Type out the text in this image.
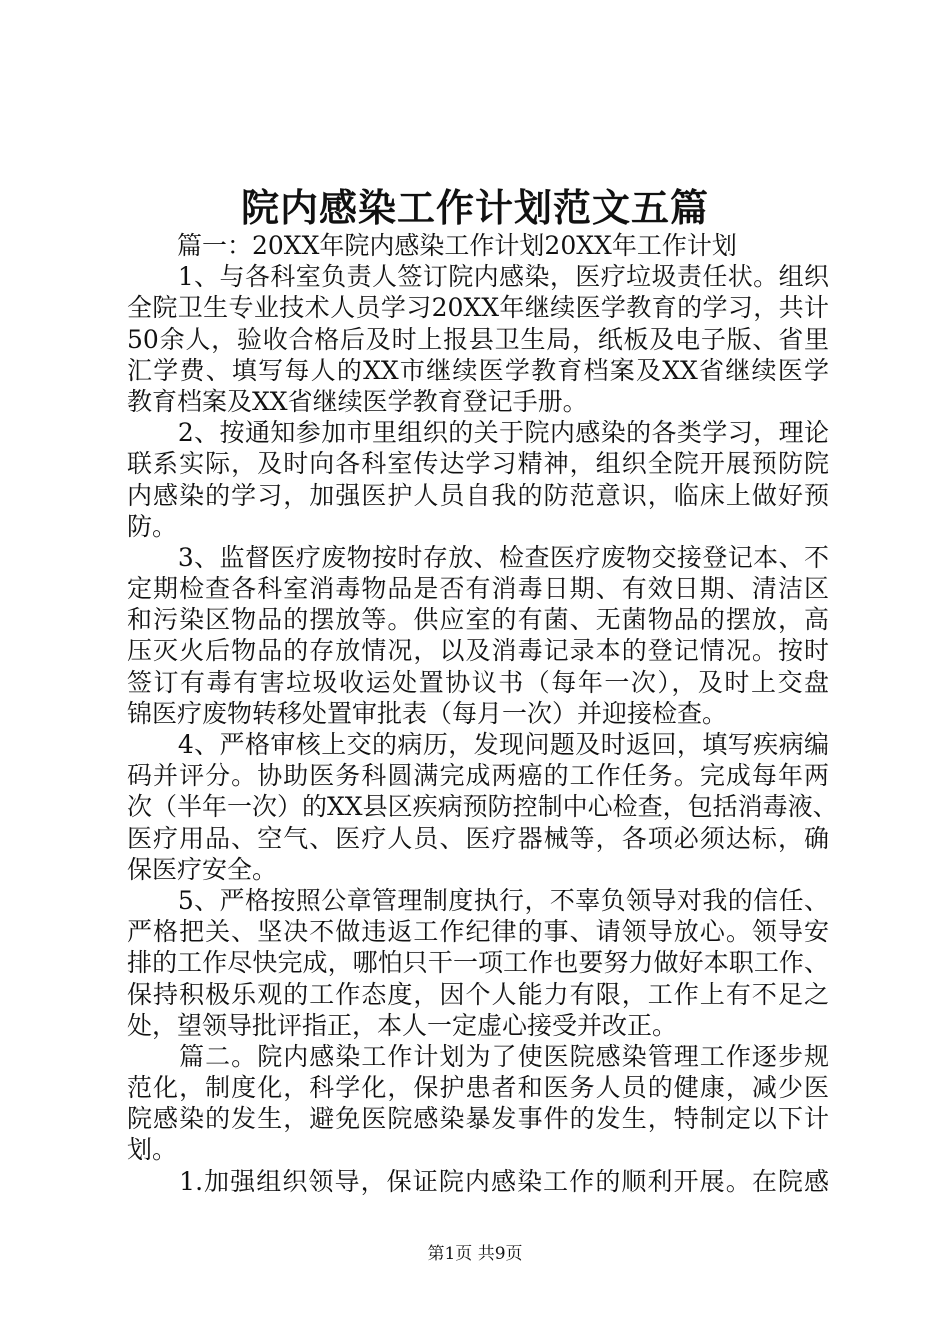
院内感染工作计划范文五篇
　　篇一：20XX年院内感染工作计划20XX年工作计划
　　1、与各科室负责人签订院内感染，医疗垃圾责任状。组织
全院卫生专业技术人员学习20XX年继续医学教育的学习，共计
50余人，验收合格后及时上报县卫生局，纸板及电子版、省里
汇学费、填写每人的XX市继续医学教育档案及XX省继续医学
教育档案及XX省继续医学教育登记手册。
　　2、按通知参加市里组织的关于院内感染的各类学习，理论
联系实际，及时向各科室传达学习精神，组织全院开展预防院
内感染的学习，加强医护人员自我的防范意识，临床上做好预
防。
　　3、监督医疗废物按时存放、检查医疗废物交接登记本、不
定期检查各科室消毒物品是否有消毒日期、有效日期、清洁区
和污染区物品的摆放等。供应室的有菌、无菌物品的摆放，高
压灭火后物品的存放情况，以及消毒记录本的登记情况。按时
签订有毒有害垃圾收运处置协议书（每年一次），及时上交盘
锦医疗废物转移处置审批表（每月一次）并迎接检查。
　　4、严格审核上交的病历，发现问题及时返回，填写疾病编
码并评分。协助医务科圆满完成两癌的工作任务。完成每年两
次（半年一次）的XX县区疾病预防控制中心检查，包括消毒液、
医疗用品、空气、医疗人员、医疗器械等，各项必须达标，确
保医疗安全。
　　5、严格按照公章管理制度执行，不辜负领导对我的信任、
严格把关、坚决不做违返工作纪律的事、请领导放心。领导安
排的工作尽快完成，哪怕只干一项工作也要努力做好本职工作、
保持积极乐观的工作态度，因个人能力有限，工作上有不足之
处，望领导批评指正，本人一定虚心接受并改正。
　　篇二。院内感染工作计划为了使医院感染管理工作逐步规
范化，制度化，科学化，保护患者和医务人员的健康，减少医
院感染的发生，避免医院感染暴发事件的发生，特制定以下计
划。
　　1.加强组织领导，保证院内感染工作的顺利开展。在院感
第1页 共9页
